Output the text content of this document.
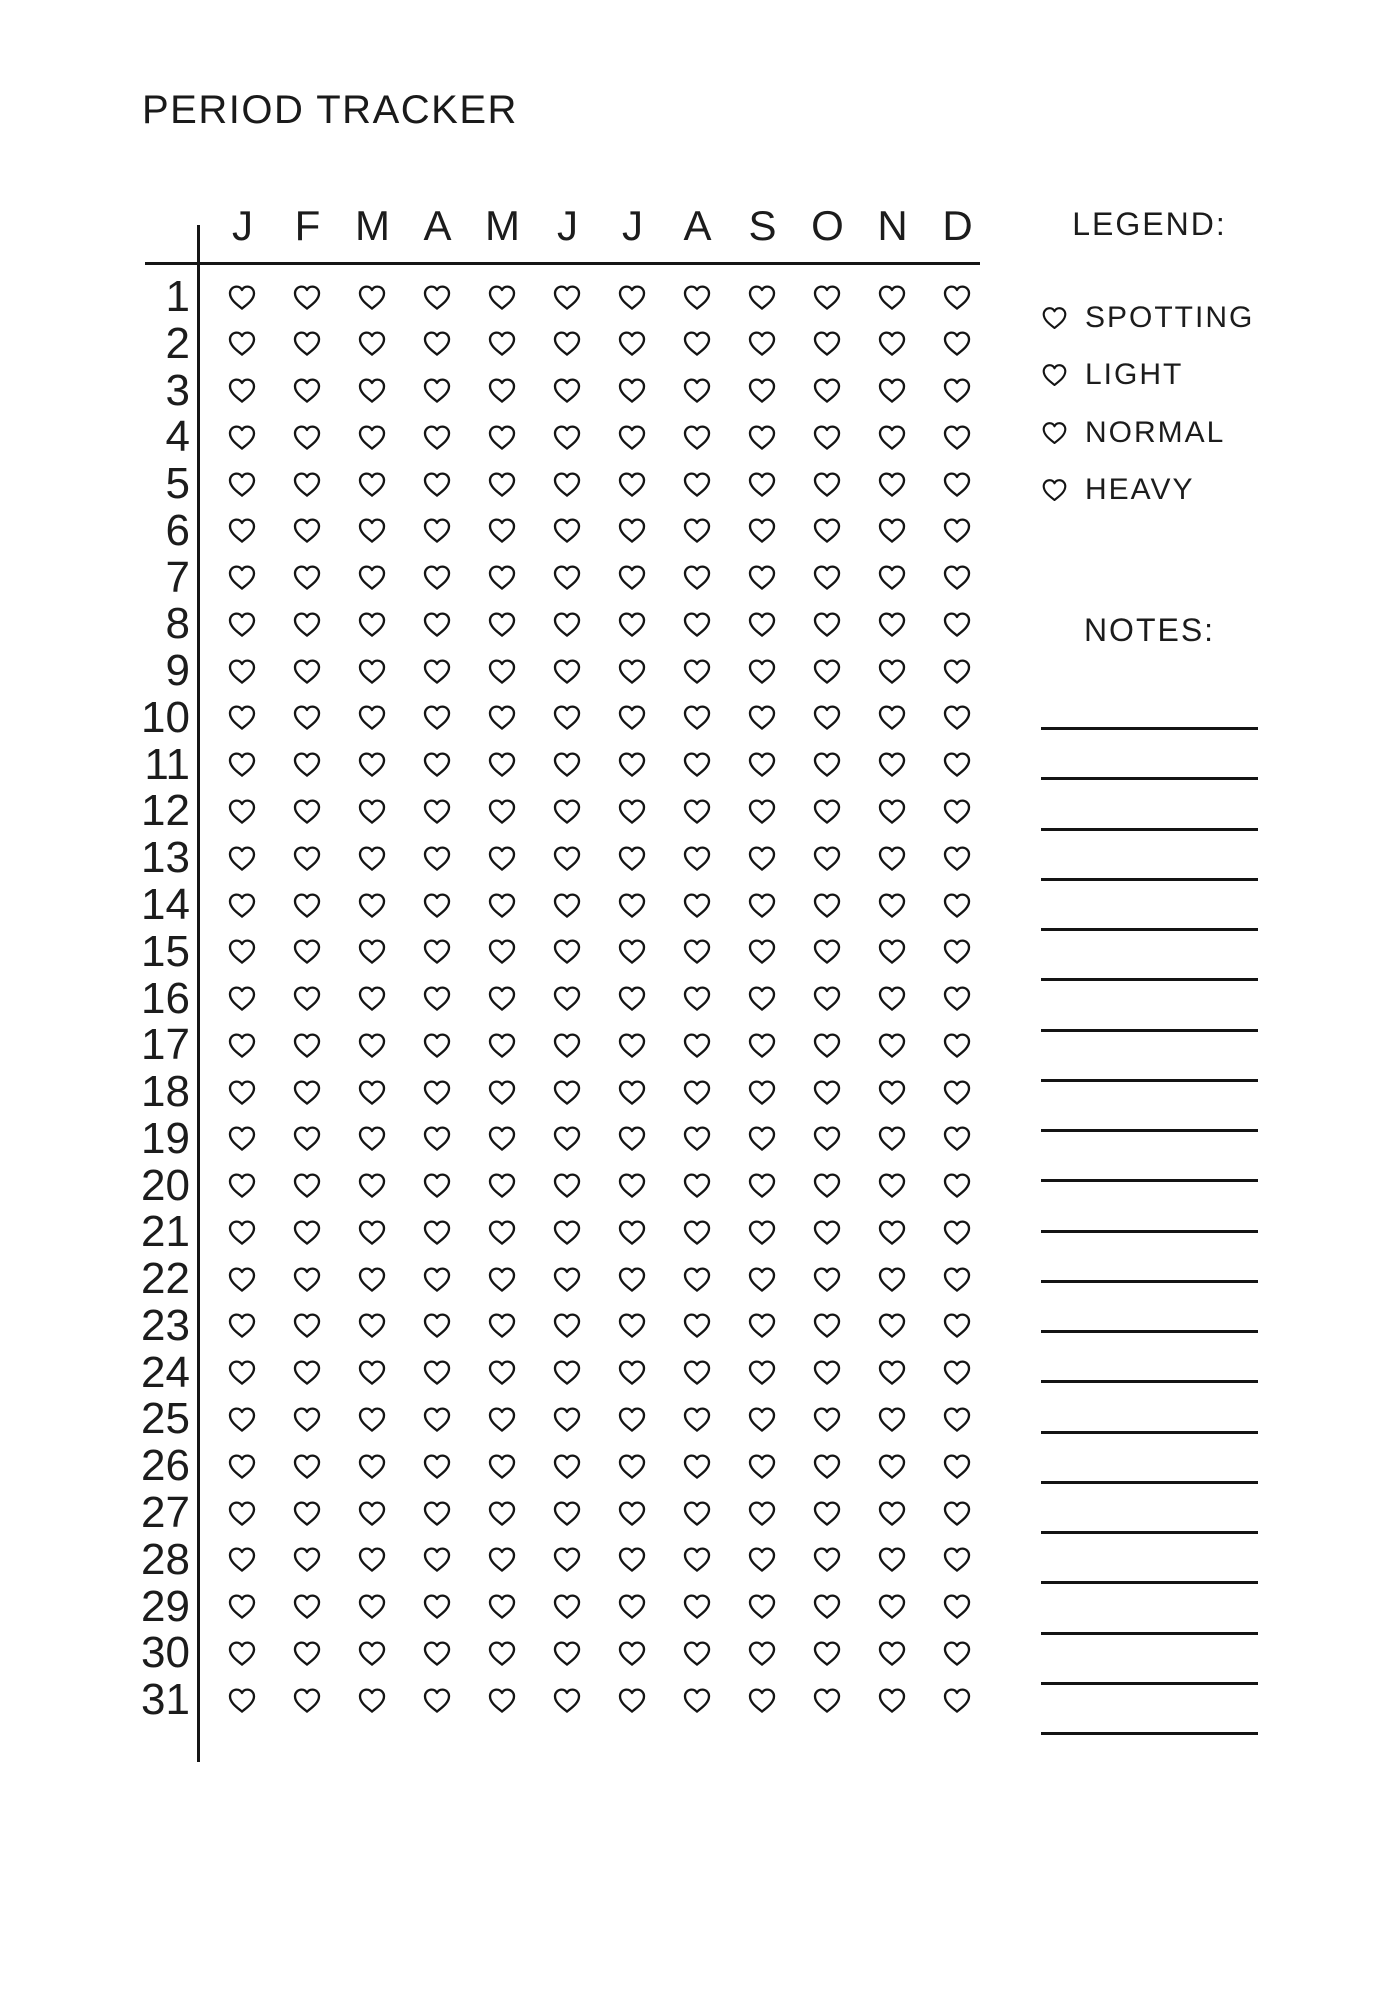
PERIOD TRACKER
J F M A M J	J A S O N D
1
2
3
4
5
6
7
8
9
10
11
12
13
14
15
16
17
18
19
20
21
22
23
24
25
26
27
28
29
30
31
LEGEND:
SPOTTING
LIGHT
NORMAL
HEAVY
NOTES:
